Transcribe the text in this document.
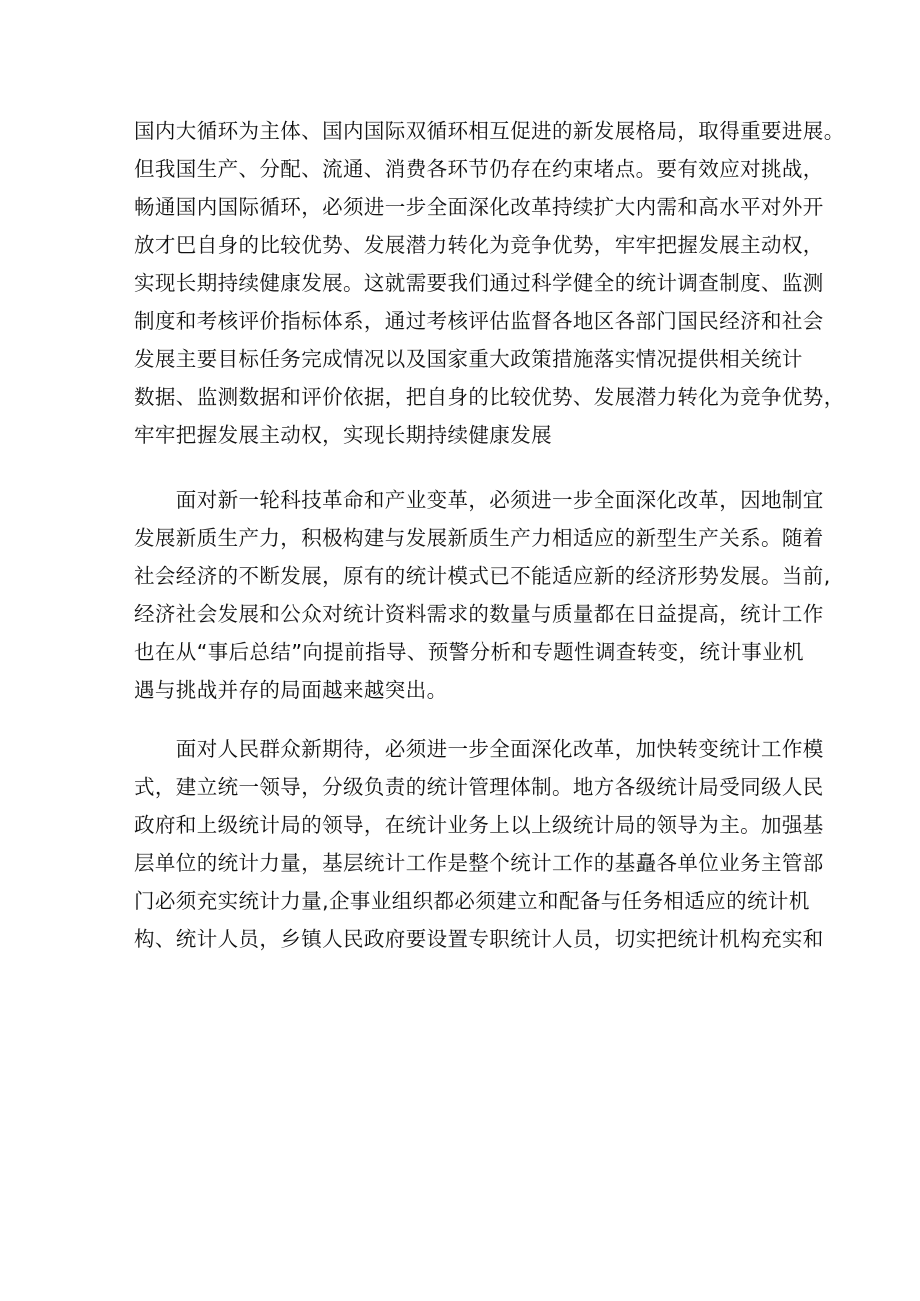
国内大循环为主体、国内国际双循环相互促进的新发展格局，取得重要进展。
但我国生产、分配、流通、消费各环节仍存在约束堵点。要有效应对挑战，
畅通国内国际循环，必须进一步全面深化改革持续扩大内需和高水平对外开
放才巴自身的比较优势、发展潜力转化为竞争优势，牢牢把握发展主动权，
实现长期持续健康发展。这就需要我们通过科学健全的统计调查制度、监测
制度和考核评价指标体系，通过考核评估监督各地区各部门国民经济和社会
发展主要目标任务完成情况以及国家重大政策措施落实情况提供相关统计
数据、监测数据和评价依据，把自身的比较优势、发展潜力转化为竞争优势，
牢牢把握发展主动权，实现长期持续健康发展
　　面对新一轮科技革命和产业变革，必须进一步全面深化改革，因地制宜
发展新质生产力，积极构建与发展新质生产力相适应的新型生产关系。随着
社会经济的不断发展，原有的统计模式已不能适应新的经济形势发展。当前,
经济社会发展和公众对统计资料需求的数量与质量都在日益提高，统计工作
也在从“事后总结”向提前指导、预警分析和专题性调查转变，统计事业机
遇与挑战并存的局面越来越突出。
　　面对人民群众新期待，必须进一步全面深化改革，加快转变统计工作模
式，建立统一领导，分级负责的统计管理体制。地方各级统计局受同级人民
政府和上级统计局的领导，在统计业务上以上级统计局的领导为主。加强基
层单位的统计力量，基层统计工作是整个统计工作的基矗各单位业务主管部
门必须充实统计力量,企事业组织都必须建立和配备与任务相适应的统计机
构、统计人员，乡镇人民政府要设置专职统计人员，切实把统计机构充实和
